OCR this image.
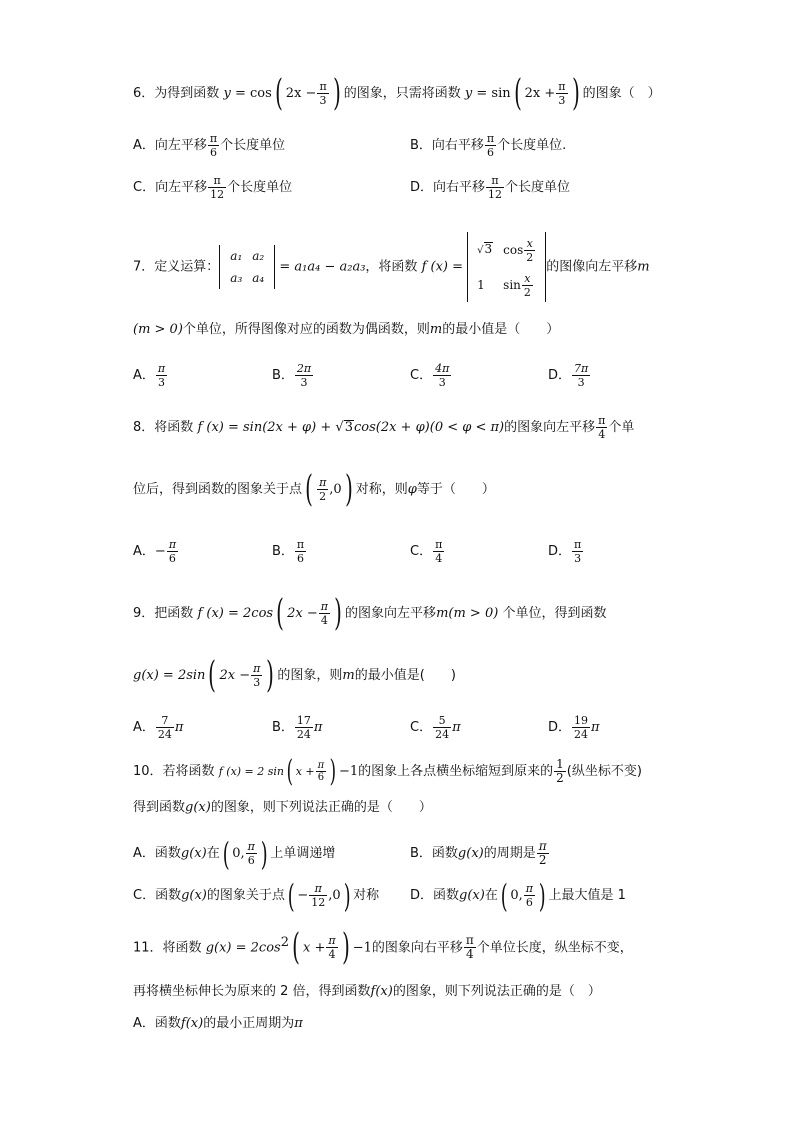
6．为得到函数 y = cos( $2x - \frac{\pi}{3}$ ) 的图象，只需将函数 y = sin( $2x + \frac{\pi}{3}$ ) 的图象（　）
A．向左平移 $\frac{\pi}{6}$ 个长度单位	B．向右平移 $\frac{\pi}{6}$ 个长度单位.
C．向左平移 $\frac{\pi}{12}$ 个长度单位	D．向右平移 $\frac{\pi}{12}$ 个长度单位
7．定义运算：
a₁	a₂
a₃	a₄
= a₁a₄ − a₂a₃，将函数 f (x) =
√3	$\cos \frac{x}{2}$

1	$\sin \frac{x}{2}$
的图像向左平移m
(m > 0)个单位，所得图像对应的函数为偶函数，则m的最小值是（　　）
A． $\frac{\pi}{3}$	B． $\frac{2\pi}{3}$	C． $\frac{4\pi}{3}$	D． $\frac{7\pi}{3}$
8．将函数 f (x) = sin(2x + φ) + √3cos(2x + φ)(0 < φ < π)的图象向左平移 $\frac{\pi}{4}$ 个单
位后，得到函数的图象关于点( $\frac{\pi}{2} ,0$) 对称，则φ等于（　　）
A．− $\frac{\pi}{6}$	B． $\frac{\pi}{6}$	C． $\frac{\pi}{4}$	D． $\frac{\pi}{3}$
9．把函数 f (x) = 2cos( $2x - \frac{\pi}{4}$ ) 的图象向左平移m(m > 0) 个单位，得到函数
g(x) = 2sin( $2x - \frac{\pi}{3}$ ) 的图象，则m的最小值是(　　)
A． $\frac{7}{24}$ π	B． $\frac{17}{24}$ π	C． $\frac{5}{24}$ π	D． $\frac{19}{24}$ π
10．若将函数 f (x) = 2 sin( $x + \frac{\pi}{6}$ ) −1的图象上各点横坐标缩短到原来的 $\frac{1}{2}$ (纵坐标不变)
得到函数g(x)的图象，则下列说法正确的是（　　）
A．函数g(x)在( 0, $\frac{\pi}{6}$ ) 上单调递增	B．函数g(x)的周期是 $\frac{\pi}{2}$
C．函数g(x)的图象关于点( − $\frac{\pi}{12} ,0$) 对称 D．函数g(x)在( 0, $\frac{\pi}{6}$ ) 上最大值是 1
11．将函数 $g(x) = 2\cos^2$( $x + \frac{\pi}{4}$ ) −1的图象向右平移 $\frac{\pi}{4}$ 个单位长度，纵坐标不变，
再将横坐标伸长为原来的 2 倍，得到函数f(x)的图象，则下列说法正确的是（　）
A．函数f(x)的最小正周期为π
